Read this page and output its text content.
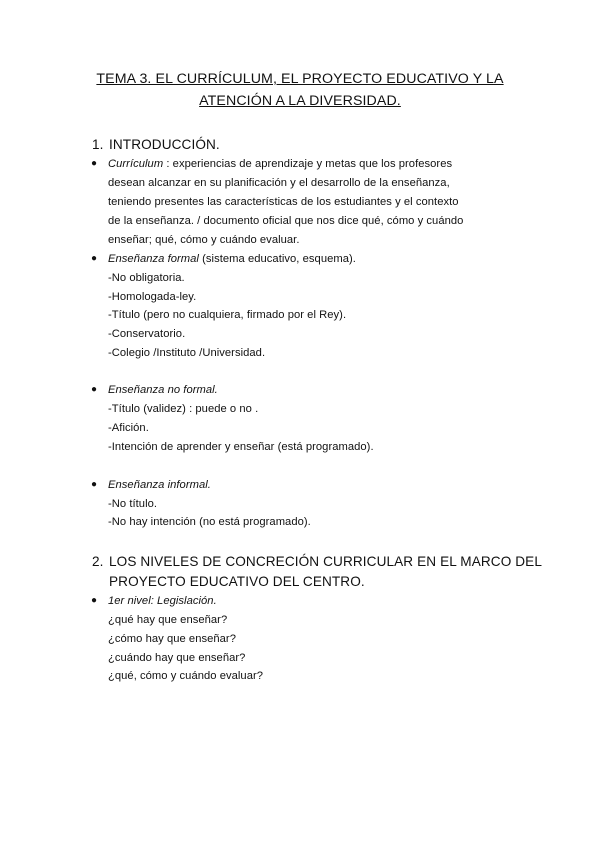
TEMA 3. EL CURRÍCULUM, EL PROYECTO EDUCATIVO Y LA
ATENCIÓN A LA DIVERSIDAD.
1. INTRODUCCIÓN.
● Currículum : experiencias de aprendizaje y metas que los profesores
desean alcanzar en su planificación y el desarrollo de la enseñanza,
teniendo presentes las características de los estudiantes y el contexto
de la enseñanza. / documento oficial que nos dice qué, cómo y cuándo
enseñar; qué, cómo y cuándo evaluar.
● Enseñanza formal (sistema educativo, esquema).
-No obligatoria.
-Homologada-ley.
-Título (pero no cualquiera, firmado por el Rey).
-Conservatorio.
-Colegio /Instituto /Universidad.
● Enseñanza no formal.
-Título (validez) : puede o no .
-Afición.
-Intención de aprender y enseñar (está programado).
● Enseñanza informal.
-No título.
-No hay intención (no está programado).
2. LOS NIVELES DE CONCRECIÓN CURRICULAR EN EL MARCO DEL
PROYECTO EDUCATIVO DEL CENTRO.
● 1er nivel: Legislación.
¿qué hay que enseñar?
¿cómo hay que enseñar?
¿cuándo hay que enseñar?
¿qué, cómo y cuándo evaluar?
